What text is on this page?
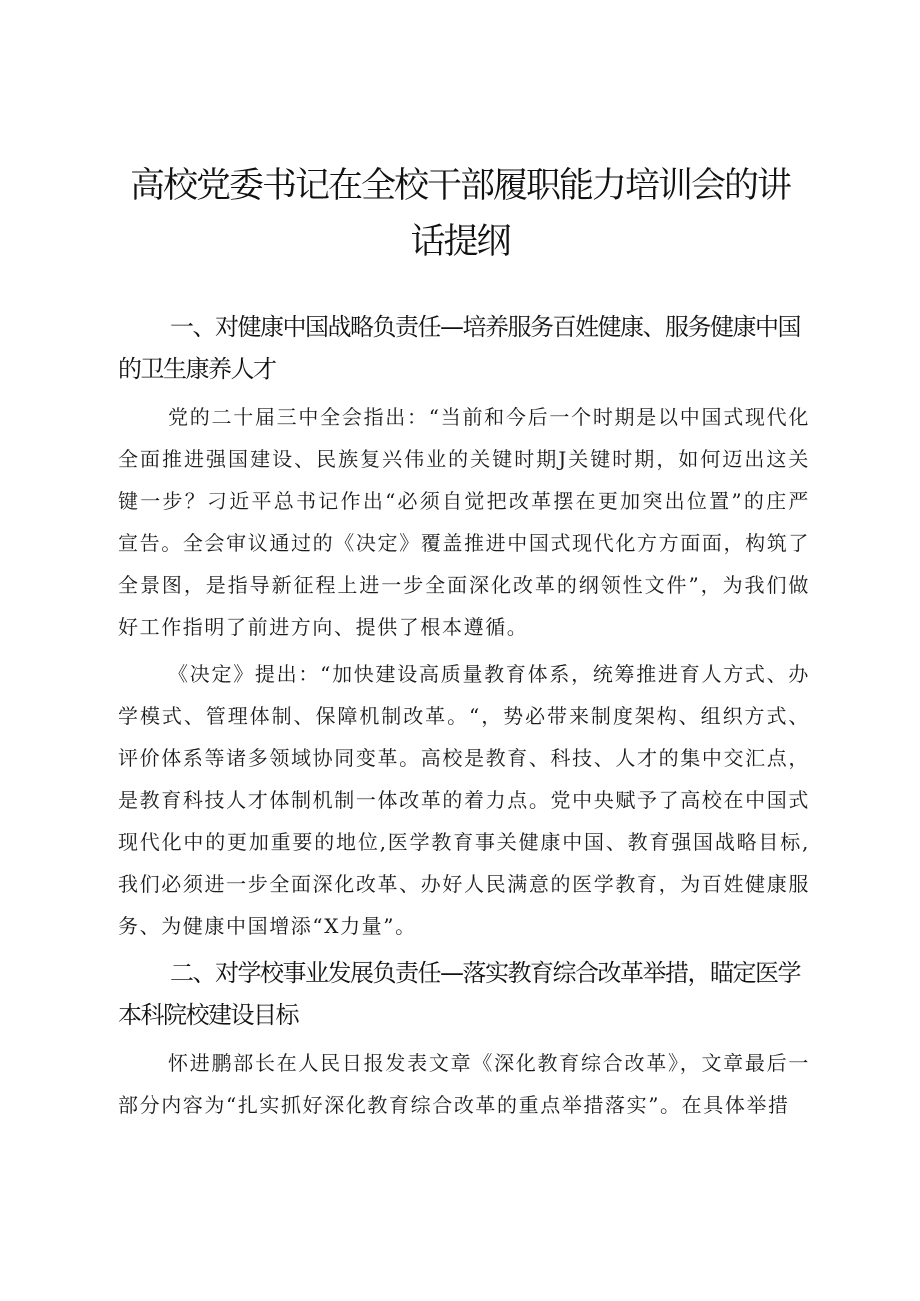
高校党委书记在全校干部履职能力培训会的讲话提纲
一、对健康中国战略负责任—培养服务百姓健康、服务健康中国的卫生康养人才

党的二十届三中全会指出：“当前和今后一个时期是以中国式现代化全面推进强国建设、民族复兴伟业的关键时期J关键时期，如何迈出这关键一步？刁近平总书记作出“必须自觉把改革摆在更加突出位置”的庄严宣告。全会审议通过的《决定》覆盖推进中国式现代化方方面面，构筑了全景图，是指导新征程上进一步全面深化改革的纲领性文件”，为我们做好工作指明了前进方向、提供了根本遵循。

《决定》提出：“加快建设高质量教育体系，统筹推进育人方式、办学模式、管理体制、保障机制改革。“，势必带来制度架构、组织方式、评价体系等诸多领域协同变革。高校是教育、科技、人才的集中交汇点，是教育科技人才体制机制一体改革的着力点。党中央赋予了高校在中国式现代化中的更加重要的地位,医学教育事关健康中国、教育强国战略目标,我们必须进一步全面深化改革、办好人民满意的医学教育，为百姓健康服务、为健康中国增添“X力量”。

二、对学校事业发展负责任—落实教育综合改革举措，瞄定医学本科院校建设目标

怀进鹏部长在人民日报发表文章《深化教育综合改革》，文章最后一部分内容为“扎实抓好深化教育综合改革的重点举措落实”。在具体举措
